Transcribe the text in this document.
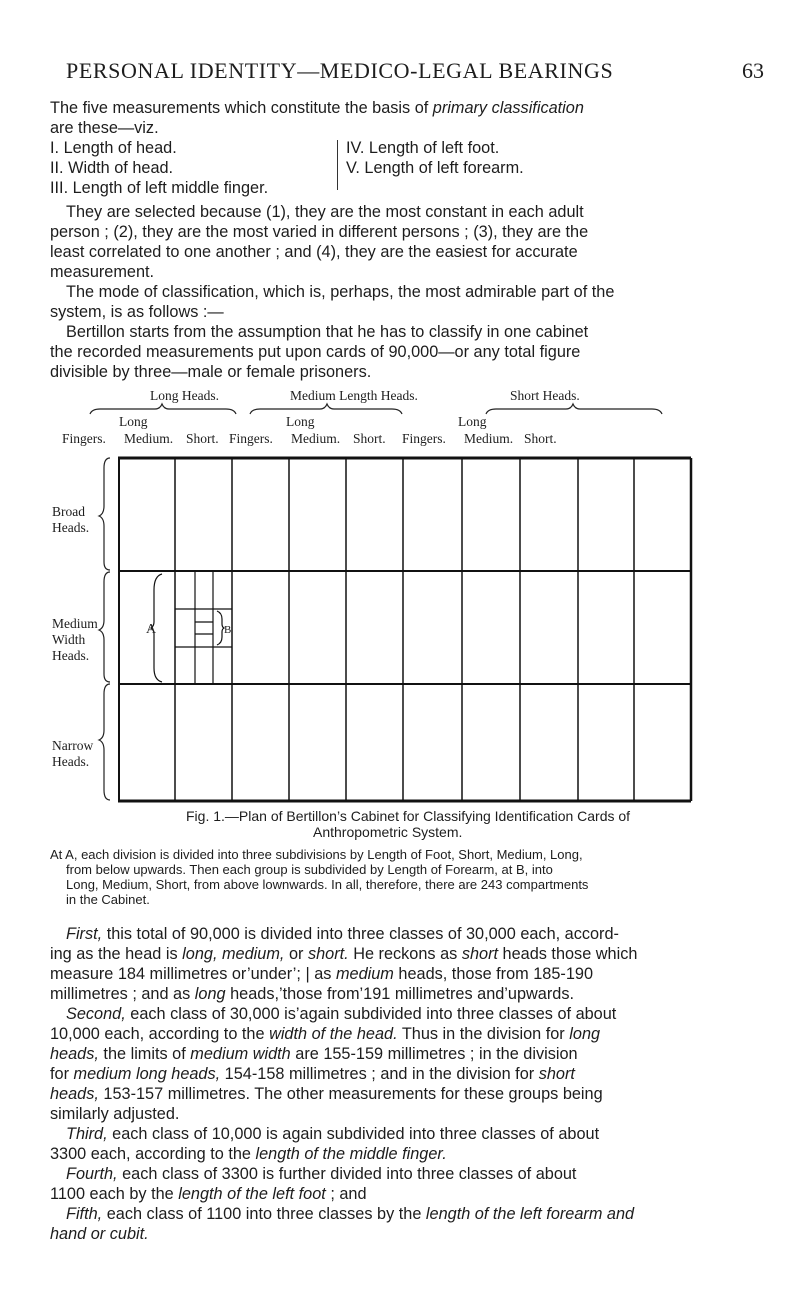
PERSONAL IDENTITY—MEDICO-LEGAL BEARINGS	63
The five measurements which constitute the basis of primary classification
are these—viz.
I. Length of head.
II. Width of head.
III. Length of left middle finger.
IV. Length of left foot.
V. Length of left forearm.
They are selected because (1), they are the most constant in each adult
person ; (2), they are the most varied in different persons ; (3), they are the
least correlated to one another ; and (4), they are the easiest for accurate
measurement.
The mode of classification, which is, perhaps, the most admirable part of the
system, is as follows :—
Bertillon starts from the assumption that he has to classify in one cabinet
the recorded measurements put upon cards of 90,000—or any total figure
divisible by three—male or female prisoners.
Long Heads.	Medium Length Heads.	Short Heads.
Long	Long	Long
Fingers. Medium. Short. Fingers. Medium. Short. Fingers. Medium. Short.
Broad
Heads.
Medium
Width
Heads.
Narrow
Heads.
A	B
Fig. 1.—Plan of Bertillon’s Cabinet for Classifying Identification Cards of
Anthropometric System.
At A, each division is divided into three subdivisions by Length of Foot, Short, Medium, Long,
from below upwards. Then each group is subdivided by Length of Forearm, at B, into
Long, Medium, Short, from above lownwards. In all, therefore, there are 243 compartments
in the Cabinet.
First, this total of 90,000 is divided into three classes of 30,000 each, accord-
ing as the head is long, medium, or short. He reckons as short heads those which
measure 184 millimetres or’under’; | as medium heads, those from 185-190
millimetres ; and as long heads,’those from’191 millimetres and’upwards.
Second, each class of 30,000 is’again subdivided into three classes of about
10,000 each, according to the width of the head. Thus in the division for long
heads, the limits of medium width are 155-159 millimetres ; in the division
for medium long heads, 154-158 millimetres ; and in the division for short
heads, 153-157 millimetres. The other measurements for these groups being
similarly adjusted.
Third, each class of 10,000 is again subdivided into three classes of about
3300 each, according to the length of the middle finger.
Fourth, each class of 3300 is further divided into three classes of about
1100 each by the length of the left foot ; and
Fifth, each class of 1100 into three classes by the length of the left forearm and
hand or cubit.
